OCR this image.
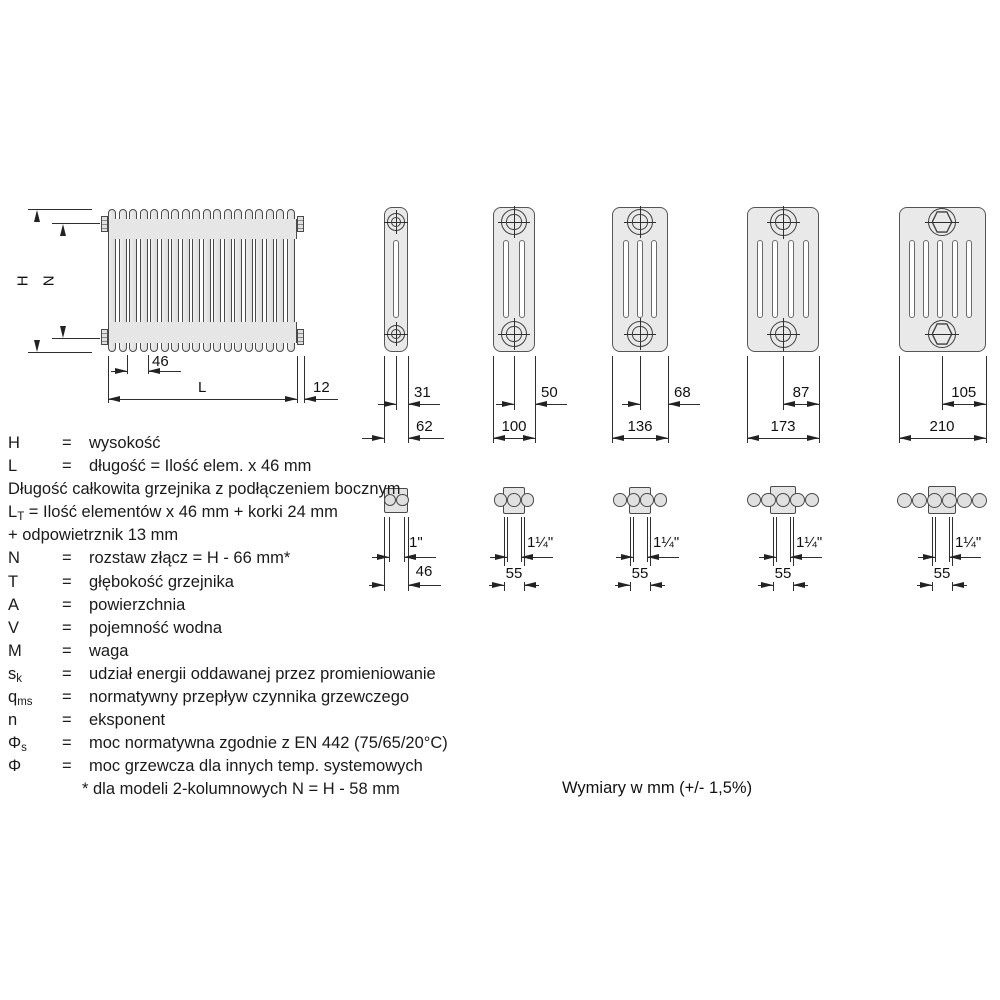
H N
46
L	12	31
62
50
100
68
136
87
173
105
210
1"
46
1¼"
55
1¼"
55
1¼"
55
1¼"
55
H	= wysokość
L	= długość = Ilość elem. x 46 mm
Długość całkowita grzejnika z podłączeniem bocznym
$L_T$ = Ilość elementów x 46 mm + korki 24 mm
+ odpowietrznik 13 mm
N	= rozstaw złącz = H - 66 mm*
T	= głębokość grzejnika
A	= powierzchnia
V	= pojemność wodna
M = waga
$s_k$ = udział energii oddawanej przez promieniowanie
$q_{ms}$ = normatywny przepływ czynnika grzewczego
n	= eksponent
$\Phi_s$ = moc normatywna zgodnie z EN 442 (75/65/20°C)
Φ = moc grzewcza dla innych temp. systemowych
* dla modeli 2-kolumnowych N = H - 58 mm	Wymiary w mm (+/- 1,5%)
